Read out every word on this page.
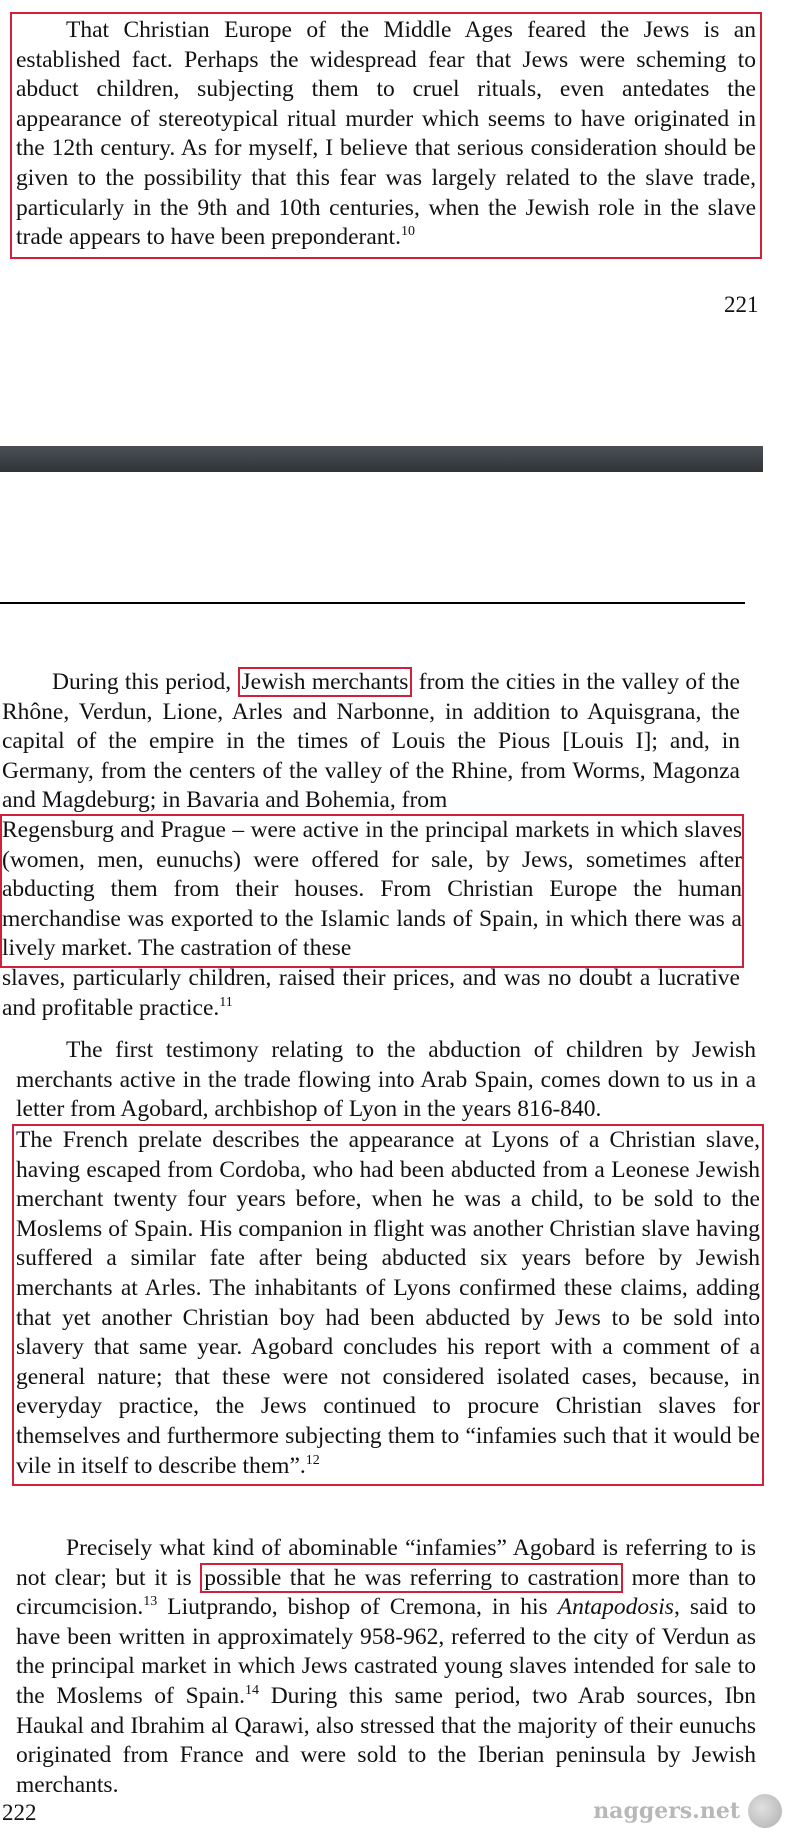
That Christian Europe of the Middle Ages feared the Jews is an established fact. Perhaps the widespread fear that Jews were scheming to abduct children, subjecting them to cruel rituals, even antedates the appearance of stereotypical ritual murder which seems to have originated in the 12th century. As for myself, I believe that serious consideration should be given to the possibility that this fear was largely related to the slave trade, particularly in the 9th and 10th centuries, when the Jewish role in the slave trade appears to have been preponderant.$^{10}$

221

During this period, Jewish merchants from the cities in the valley of the Rhône, Verdun, Lione, Arles and Narbonne, in addition to Aquisgrana, the capital of the empire in the times of Louis the Pious [Louis I]; and, in Germany, from the centers of the valley of the Rhine, from Worms, Magonza and Magdeburg; in Bavaria and Bohemia, from

Regensburg and Prague – were active in the principal markets in which slaves (women, men, eunuchs) were offered for sale, by Jews, sometimes after abducting them from their houses. From Christian Europe the human merchandise was exported to the Islamic lands of Spain, in which there was a lively market. The castration of these

slaves, particularly children, raised their prices, and was no doubt a lucrative and profitable practice.$^{11}$

The first testimony relating to the abduction of children by Jewish merchants active in the trade flowing into Arab Spain, comes down to us in a letter from Agobard, archbishop of Lyon in the years 816-840.

The French prelate describes the appearance at Lyons of a Christian slave, having escaped from Cordoba, who had been abducted from a Leonese Jewish merchant twenty four years before, when he was a child, to be sold to the Moslems of Spain. His companion in flight was another Christian slave having suffered a similar fate after being abducted six years before by Jewish merchants at Arles. The inhabitants of Lyons confirmed these claims, adding that yet another Christian boy had been abducted by Jews to be sold into slavery that same year. Agobard concludes his report with a comment of a general nature; that these were not considered isolated cases, because, in everyday practice, the Jews continued to procure Christian slaves for themselves and furthermore subjecting them to “infamies such that it would be vile in itself to describe them”.$^{12}$

Precisely what kind of abominable “infamies” Agobard is referring to is not clear; but it is possible that he was referring to castration more than to circumcision.$^{13}$ Liutprando, bishop of Cremona, in his Antapodosis, said to have been written in approximately 958-962, referred to the city of Verdun as the principal market in which Jews castrated young slaves intended for sale to the Moslems of Spain.$^{14}$ During this same period, two Arab sources, Ibn Haukal and Ibrahim al Qarawi, also stressed that the majority of their eunuchs originated from France and were sold to the Iberian peninsula by Jewish merchants.

222	naggers.net
